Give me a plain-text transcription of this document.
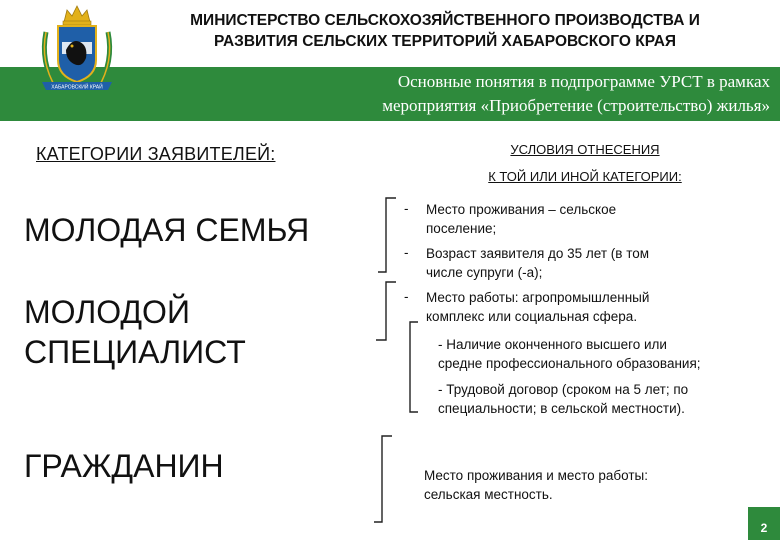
МИНИСТЕРСТВО СЕЛЬСКОХОЗЯЙСТВЕННОГО ПРОИЗВОДСТВА И
РАЗВИТИЯ СЕЛЬСКИХ ТЕРРИТОРИЙ ХАБАРОВСКОГО КРАЯ
ХАБАРОВСКИЙ КРАЙ	Основные понятия в подпрограмме УРСТ в рамках
мероприятия «Приобретение (строительство) жилья»
КАТЕГОРИИ ЗАЯВИТЕЛЕЙ:	УСЛОВИЯ ОТНЕСЕНИЯ
К ТОЙ ИЛИ ИНОЙ КАТЕГОРИИ:
МОЛОДАЯ СЕМЬЯ
МОЛОДОЙ
СПЕЦИАЛИСТ
ГРАЖДАНИН
- Место проживания – сельское
поселение;
- Возраст заявителя до 35 лет (в том
числе супруги (-а);
- Место работы: агропромышленный
комплекс или социальная сфера.
- Наличие оконченного высшего или
средне профессионального образования;
- Трудовой договор (сроком на 5 лет; по
специальности; в сельской местности).
Место проживания и место работы:
сельская местность.
2
